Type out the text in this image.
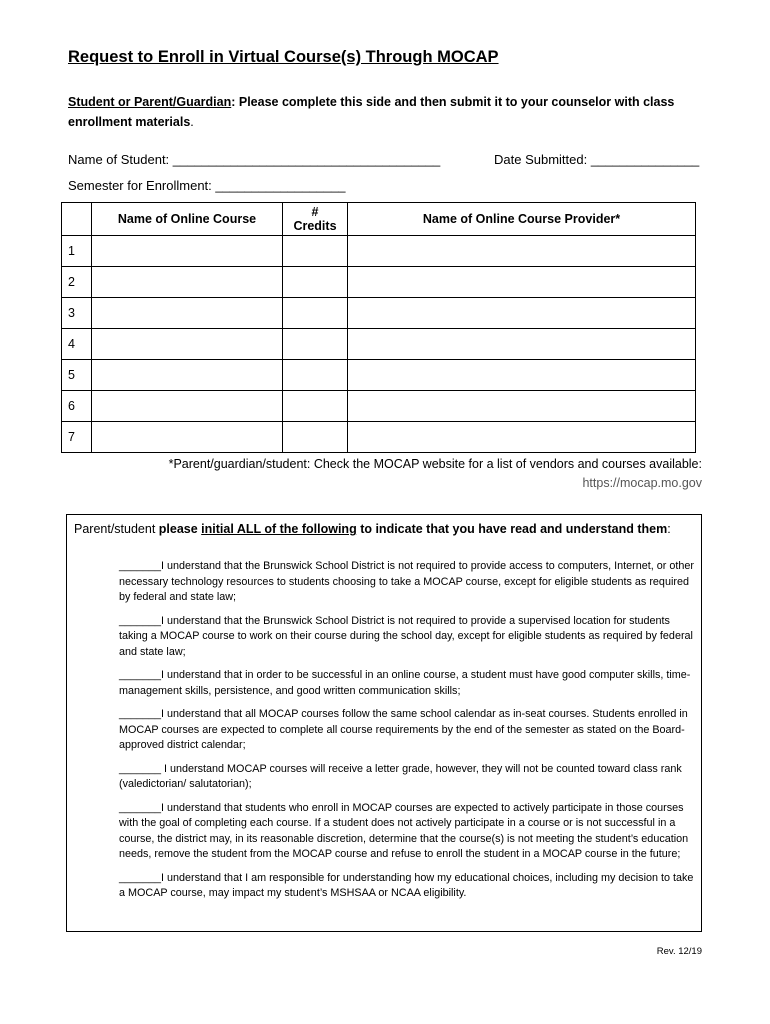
Request to Enroll in Virtual Course(s) Through MOCAP
Student or Parent/Guardian: Please complete this side and then submit it to your counselor with class enrollment materials.
Name of Student: _____________________________________	Date Submitted: _______________
Semester for Enrollment: __________________
	Name of Online Course	# Credits	Name of Online Course Provider*
1			
2			
3			
4			
5			
6			
7			
*Parent/guardian/student: Check the MOCAP website for a list of vendors and courses available:
https://mocap.mo.gov
Parent/student please initial ALL of the following to indicate that you have read and understand them:
_______I understand that the Brunswick School District is not required to provide access to computers, Internet, or other necessary technology resources to students choosing to take a MOCAP course, except for eligible students as required by federal and state law;
_______I understand that the Brunswick School District is not required to provide a supervised location for students taking a MOCAP course to work on their course during the school day, except for eligible students as required by federal and state law;
_______I understand that in order to be successful in an online course, a student must have good computer skills, time-management skills, persistence, and good written communication skills;
_______I understand that all MOCAP courses follow the same school calendar as in-seat courses. Students enrolled in MOCAP courses are expected to complete all course requirements by the end of the semester as stated on the Board-approved district calendar;
_______ I understand MOCAP courses will receive a letter grade, however, they will not be counted toward class rank (valedictorian/ salutatorian);
_______I understand that students who enroll in MOCAP courses are expected to actively participate in those courses with the goal of completing each course. If a student does not actively participate in a course or is not successful in a course, the district may, in its reasonable discretion, determine that the course(s) is not meeting the student’s education needs, remove the student from the MOCAP course and refuse to enroll the student in a MOCAP course in the future;
_______I understand that I am responsible for understanding how my educational choices, including my decision to take a MOCAP course, may impact my student’s MSHSAA or NCAA eligibility.
Rev. 12/19
